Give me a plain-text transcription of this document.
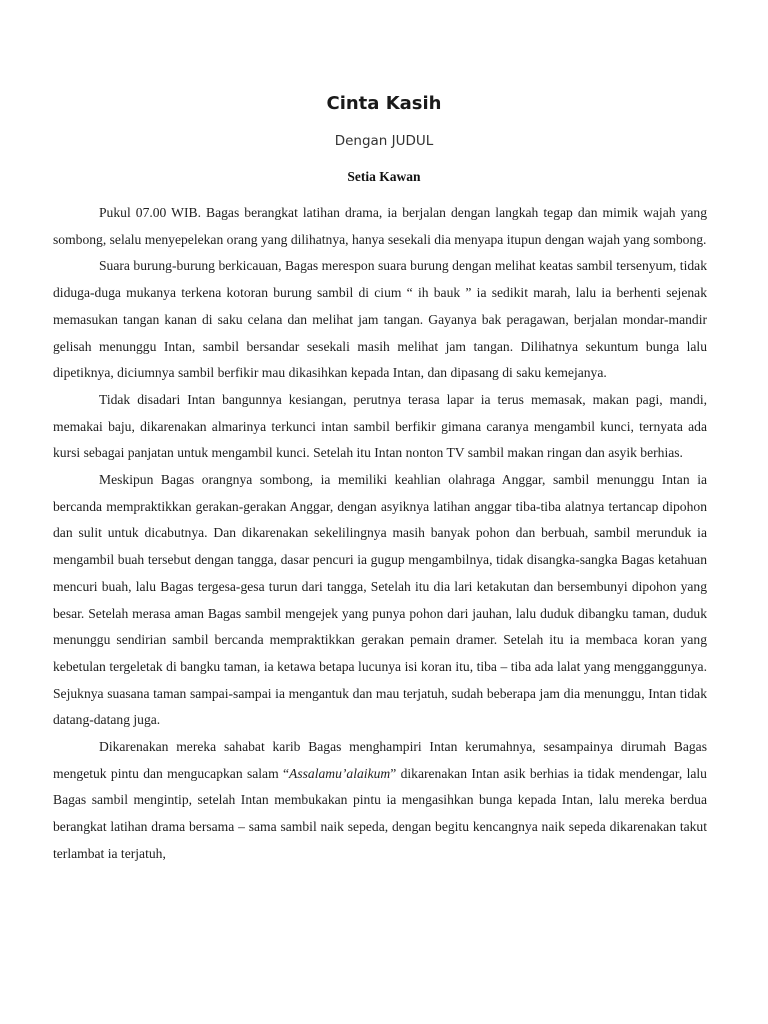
Cinta Kasih
Dengan JUDUL
Setia Kawan

Pukul 07.00 WIB. Bagas berangkat latihan drama, ia berjalan dengan langkah tegap dan mimik wajah yang sombong, selalu menyepelekan orang yang dilihatnya, hanya sesekali dia menyapa itupun dengan wajah yang sombong.

Suara burung-burung berkicauan, Bagas merespon suara burung dengan melihat keatas sambil tersenyum, tidak diduga-duga mukanya terkena kotoran burung sambil di cium “ ih bauk ” ia sedikit marah, lalu ia berhenti sejenak memasukan tangan kanan di saku celana dan melihat jam tangan. Gayanya bak peragawan, berjalan mondar-mandir gelisah menunggu Intan, sambil bersandar sesekali masih melihat jam tangan. Dilihatnya sekuntum bunga lalu dipetiknya, diciumnya sambil berfikir mau dikasihkan kepada Intan, dan dipasang di saku kemejanya.

Tidak disadari Intan bangunnya kesiangan, perutnya terasa lapar ia terus memasak, makan pagi, mandi, memakai baju, dikarenakan almarinya terkunci intan sambil berfikir gimana caranya mengambil kunci, ternyata ada kursi sebagai panjatan untuk mengambil kunci. Setelah itu Intan nonton TV sambil makan ringan dan asyik berhias.

Meskipun Bagas orangnya sombong, ia memiliki keahlian olahraga Anggar, sambil menunggu Intan ia bercanda mempraktikkan gerakan-gerakan Anggar, dengan asyiknya latihan anggar tiba-tiba alatnya tertancap dipohon dan sulit untuk dicabutnya. Dan dikarenakan sekelilingnya masih banyak pohon dan berbuah, sambil merunduk ia mengambil buah tersebut dengan tangga, dasar pencuri ia gugup mengambilnya, tidak disangka-sangka Bagas ketahuan mencuri buah, lalu Bagas tergesa-gesa turun dari tangga, Setelah itu dia lari ketakutan dan bersembunyi dipohon yang besar. Setelah merasa aman Bagas sambil mengejek yang punya pohon dari jauhan, lalu duduk dibangku taman, duduk menunggu sendirian sambil bercanda mempraktikkan gerakan pemain dramer. Setelah itu ia membaca koran yang kebetulan tergeletak di bangku taman, ia ketawa betapa lucunya isi koran itu, tiba – tiba ada lalat yang mengganggunya. Sejuknya suasana taman sampai-sampai ia mengantuk dan mau terjatuh, sudah beberapa jam dia menunggu, Intan tidak datang-datang juga.

Dikarenakan mereka sahabat karib Bagas menghampiri Intan kerumahnya, sesampainya dirumah Bagas mengetuk pintu dan mengucapkan salam “Assalamu’alaikum” dikarenakan Intan asik berhias ia tidak mendengar, lalu Bagas sambil mengintip, setelah Intan membukakan pintu ia mengasihkan bunga kepada Intan, lalu mereka berdua berangkat latihan drama bersama – sama sambil naik sepeda, dengan begitu kencangnya naik sepeda dikarenakan takut terlambat ia terjatuh,
